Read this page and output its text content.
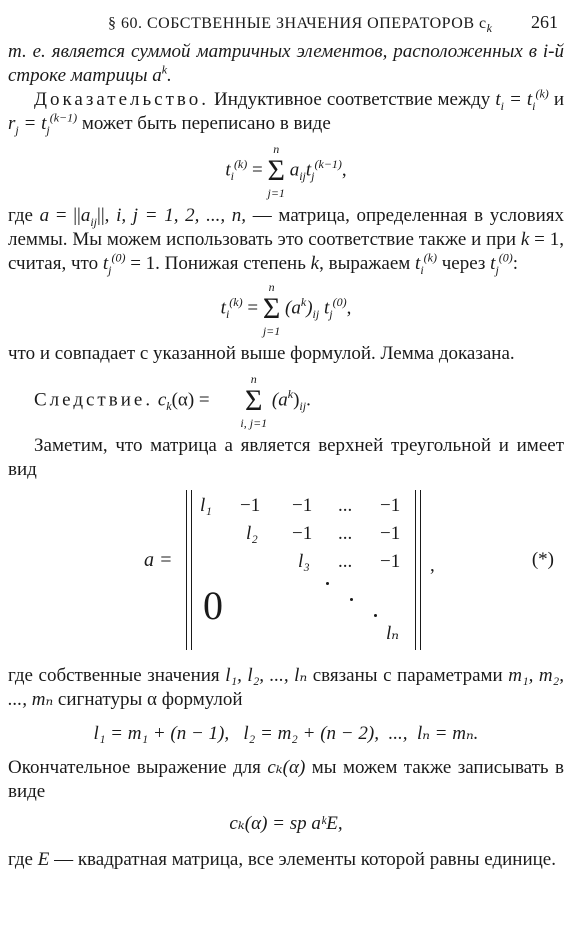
§ 60. СОБСТВЕННЫЕ ЗНАЧЕНИЯ ОПЕРАТОРОВ $c_k$ 261

т. е. является суммой матричных элементов, расположенных в i-й строке матрицы $a^k$.

Доказательство. Индуктивное соответствие между $t_i = t_i^{(k)}$ и $r_j = t_j^{(k-1)}$ может быть переписано в виде

$t_i^{(k)}$ =
n
Σ
j=1
$a_{ij}t_j^{(k-1)}$,

где $a = ||a_{ij}||$, i, j = 1, 2, ..., n, — матрица, определенная в условиях леммы. Мы можем использовать это соответствие также и при k = 1, считая, что $t_j^{(0)} = 1$. Понижая степень k, выражаем $t_i^{(k)}$ через $t_j^{(0)}$:

$t_i^{(k)}$ =
n
Σ
j=1
$(a^k)_{ij}$ $t_j^{(0)}$,

что и совпадает с указанной выше формулой. Лемма доказана.

Следствие. $c_k(\alpha)$ =
n
Σ
i, j=1
$(a^k)_{ij}$.

Заметим, что матрица a является верхней треугольной и имеет вид

a =
l₁ −1 −1 ... −1
l₂ −1 ... −1
l₃ ... −1
lₙ
0
,	(*)

где собственные значения l₁, l₂, ..., lₙ связаны с параметрами m₁, m₂, ..., mₙ сигнатуры α формулой

l₁ = m₁ + (n − 1),   l₂ = m₂ + (n − 2),  ...,  lₙ = mₙ.

Окончательное выражение для cₖ(α) мы можем также записывать в виде

cₖ(α) = sp aᵏE,

где E — квадратная матрица, все элементы которой равны единице.
